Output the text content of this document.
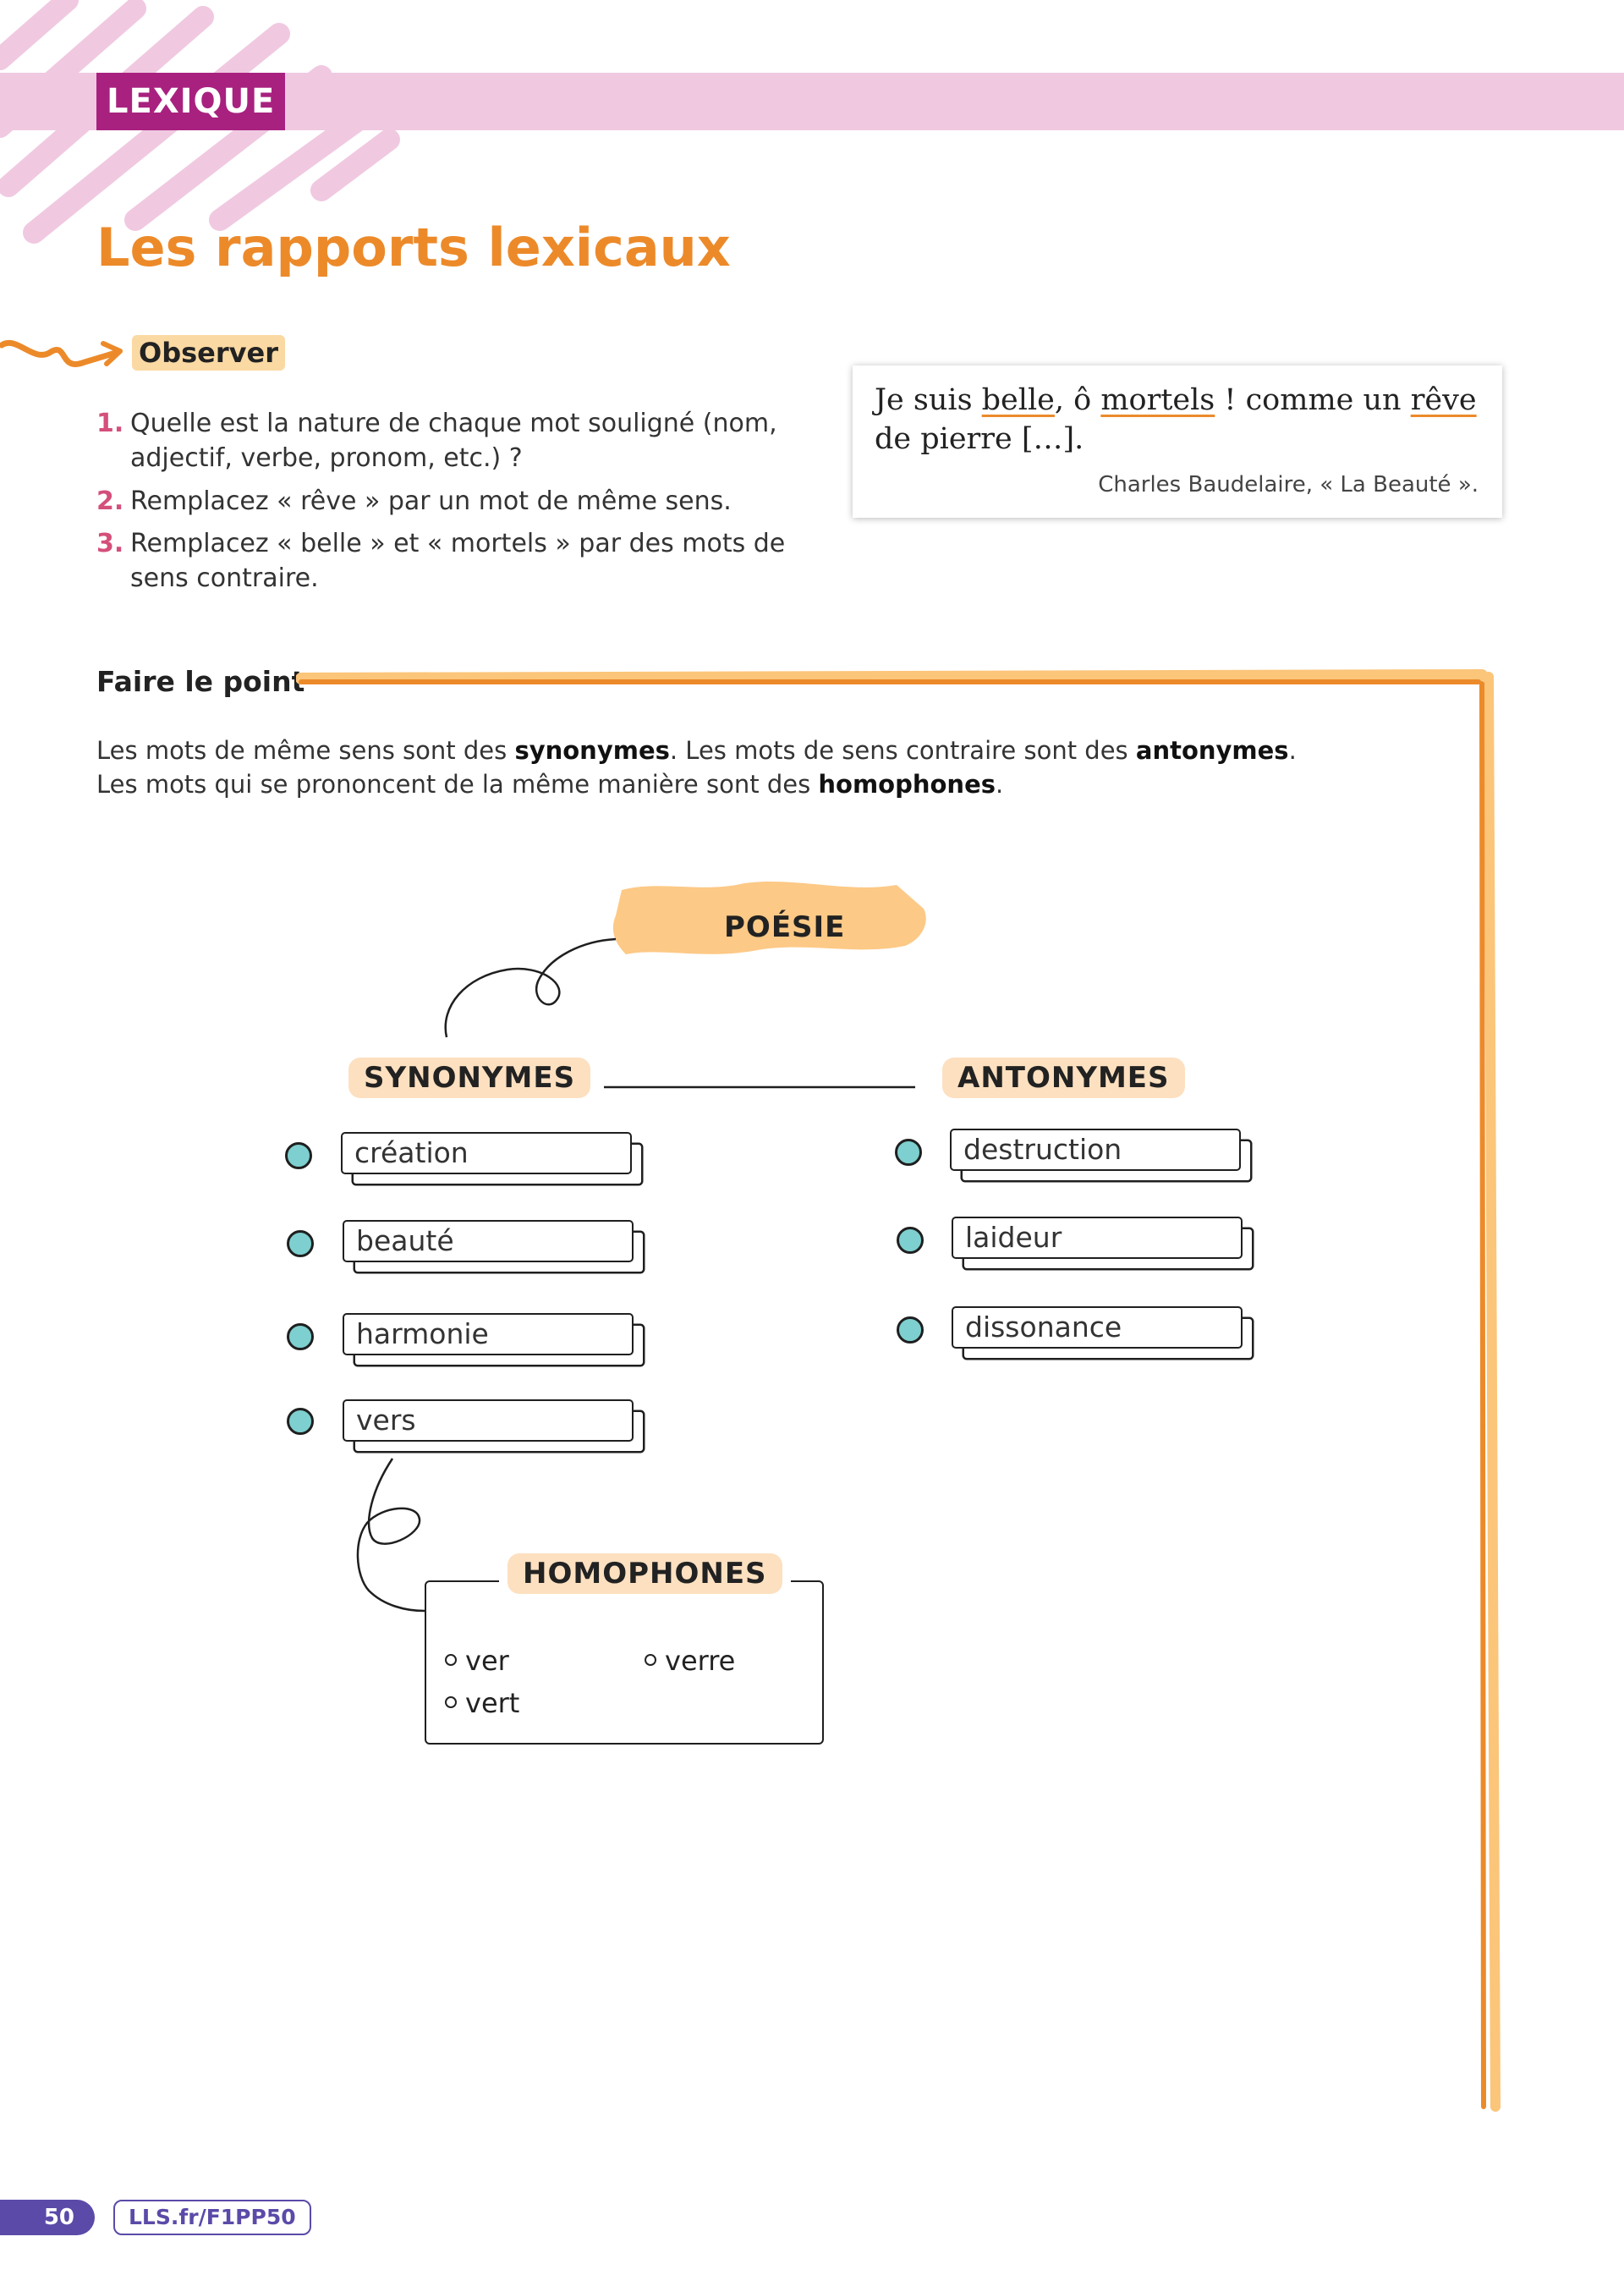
LEXIQUE
Les rapports lexicaux
Observer
1. Quelle est la nature de chaque mot souligné (nom, adjectif, verbe, pronom, etc.) ?
2. Remplacez « rêve » par un mot de même sens.
3. Remplacez « belle » et « mortels » par des mots de sens contraire.
Je suis belle, ô mortels ! comme un rêve de pierre […].
Charles Baudelaire, « La Beauté ».
Faire le point
Les mots de même sens sont des synonymes. Les mots de sens contraire sont des antonymes.
Les mots qui se prononcent de la même manière sont des homophones.
POÉSIE
SYNONYMES
création
beauté
harmonie
vers
ANTONYMES
destruction
laideur
dissonance
ver	verre
vert
HOMOPHONES
50	LLS.fr/F1PP50
